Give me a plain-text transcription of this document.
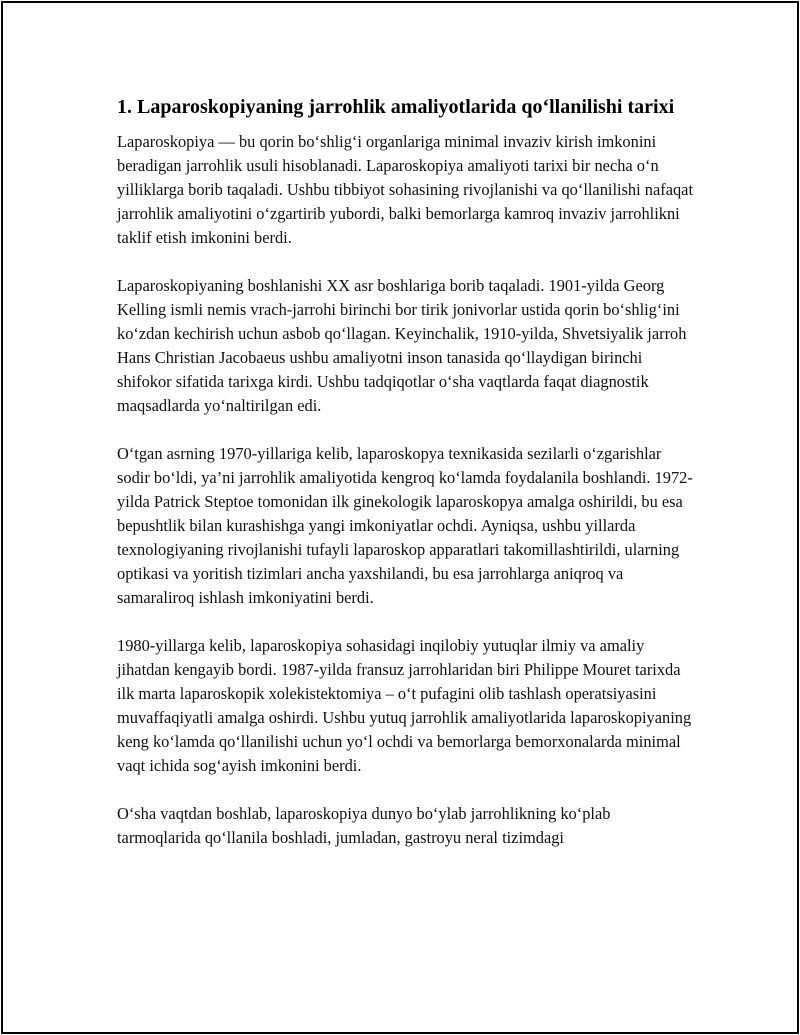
1. Laparoskopiyaning jarrohlik amaliyotlarida qo‘llanilishi tarixi

Laparoskopiya — bu qorin bo‘shlig‘i organlariga minimal invaziv kirish imkonini beradigan jarrohlik usuli hisoblanadi. Laparoskopiya amaliyoti tarixi bir necha o‘n yilliklarga borib taqaladi. Ushbu tibbiyot sohasining rivojlanishi va qo‘llanilishi nafaqat jarrohlik amaliyotini o‘zgartirib yubordi, balki bemorlarga kamroq invaziv jarrohlikni taklif etish imkonini berdi.

Laparoskopiyaning boshlanishi XX asr boshlariga borib taqaladi. 1901-yilda Georg Kelling ismli nemis vrach-jarrohi birinchi bor tirik jonivorlar ustida qorin bo‘shlig‘ini ko‘zdan kechirish uchun asbob qo‘llagan. Keyinchalik, 1910-yilda, Shvetsiyalik jarroh Hans Christian Jacobaeus ushbu amaliyotni inson tanasida qo‘llaydigan birinchi shifokor sifatida tarixga kirdi. Ushbu tadqiqotlar o‘sha vaqtlarda faqat diagnostik maqsadlarda yo‘naltirilgan edi.

O‘tgan asrning 1970-yillariga kelib, laparoskopya texnikasida sezilarli o‘zgarishlar sodir bo‘ldi, ya’ni jarrohlik amaliyotida kengroq ko‘lamda foydalanila boshlandi. 1972-yilda Patrick Steptoe tomonidan ilk ginekologik laparoskopya amalga oshirildi, bu esa bepushtlik bilan kurashishga yangi imkoniyatlar ochdi. Ayniqsa, ushbu yillarda texnologiyaning rivojlanishi tufayli laparoskop apparatlari takomillashtirildi, ularning optikasi va yoritish tizimlari ancha yaxshilandi, bu esa jarrohlarga aniqroq va samaraliroq ishlash imkoniyatini berdi.

1980-yillarga kelib, laparoskopiya sohasidagi inqilobiy yutuqlar ilmiy va amaliy jihatdan kengayib bordi. 1987-yilda fransuz jarrohlaridan biri Philippe Mouret tarixda ilk marta laparoskopik xolekistektomiya – o‘t pufagini olib tashlash operatsiyasini muvaffaqiyatli amalga oshirdi. Ushbu yutuq jarrohlik amaliyotlarida laparoskopiyaning keng ko‘lamda qo‘llanilishi uchun yo‘l ochdi va bemorlarga bemorxonalarda minimal vaqt ichida sog‘ayish imkonini berdi.

O‘sha vaqtdan boshlab, laparoskopiya dunyo bo‘ylab jarrohlikning ko‘plab tarmoqlarida qo‘llanila boshladi, jumladan, gastroyu neral tizimdagi
